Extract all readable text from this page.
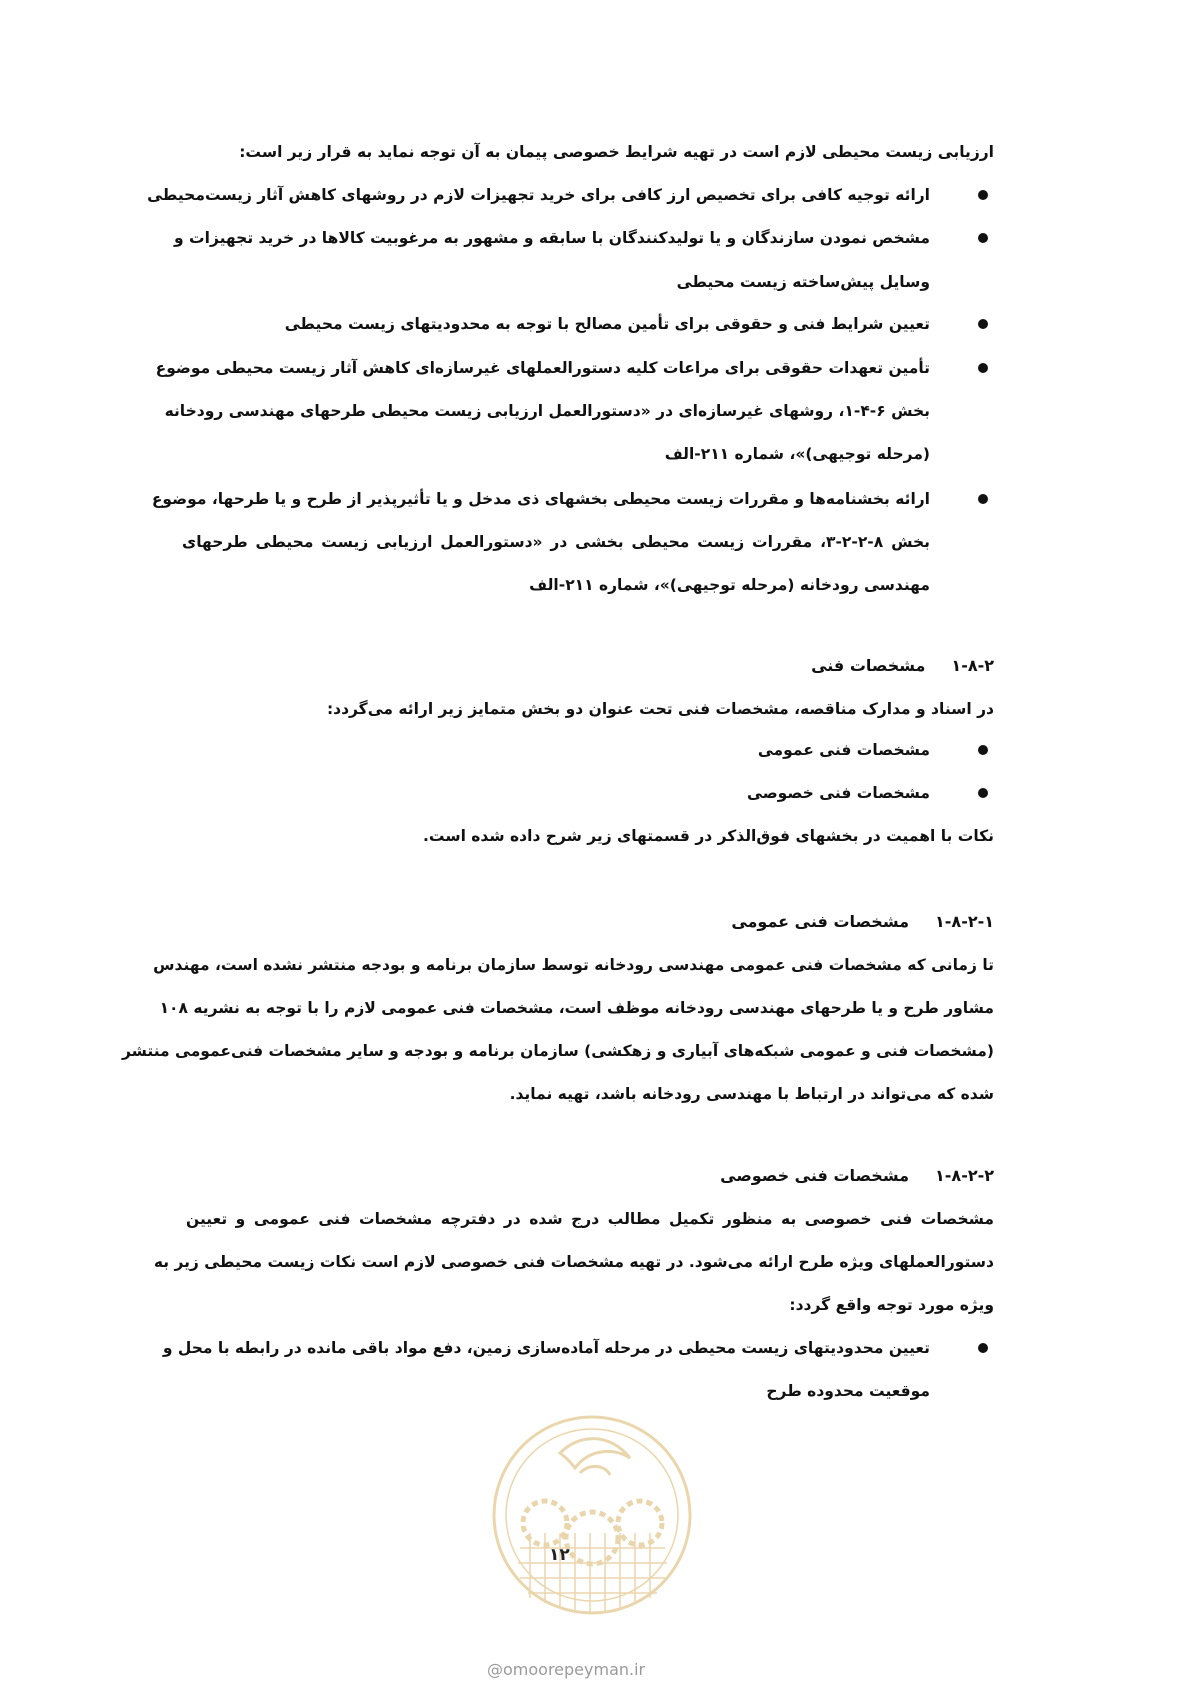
ارزیابی زیست محیطی لازم است در تهیه شرایط خصوصی پیمان به آن توجه نماید به قرار زیر است:
ارائه توجیه کافی برای تخصیص ارز کافی برای خرید تجهیزات لازم در روشهای کاهش آثار زیست‌محیطی
مشخص نمودن سازندگان و یا تولیدکنندگان با سابقه و مشهور به مرغوبیت کالاها در خرید تجهیزات و
وسایل پیش‌ساخته زیست محیطی
تعیین شرایط فنی و حقوقی برای تأمین مصالح با توجه به محدودیتهای زیست محیطی
تأمین تعهدات حقوقی برای مراعات کلیه دستورالعملهای غیرسازه‌ای کاهش آثار زیست محیطی موضوع
بخش ۶-۴-۱، روشهای غیرسازه‌ای در «دستورالعمل ارزیابی زیست محیطی طرحهای مهندسی رودخانه
(مرحله توجیهی)»، شماره ۲۱۱-الف
ارائه بخشنامه‌ها و مقررات زیست محیطی بخشهای ذی مدخل و یا تأثیرپذیر از طرح و یا طرحها، موضوع
بخش ۸-۲-۲-۳، مقررات زیست محیطی بخشی در «دستورالعمل ارزیابی زیست محیطی طرحهای
مهندسی رودخانه (مرحله توجیهی)»، شماره ۲۱۱-الف
۱-۸-۲مشخصات فنی
در اسناد و مدارک مناقصه، مشخصات فنی تحت عنوان دو بخش متمایز زیر ارائه می‌گردد:
مشخصات فنی عمومی
مشخصات فنی خصوصی
نکات با اهمیت در بخشهای فوق‌الذکر در قسمتهای زیر شرح داده شده است.
۱-۸-۲-۱مشخصات فنی عمومی
تا زمانی که مشخصات فنی عمومی مهندسی رودخانه توسط سازمان برنامه و بودجه منتشر نشده است، مهندس
مشاور طرح و یا طرحهای مهندسی رودخانه موظف است، مشخصات فنی عمومی لازم را با توجه به نشریه ۱۰۸
(مشخصات فنی و عمومی شبکه‌های آبیاری و زهکشی) سازمان برنامه و بودجه و سایر مشخصات فنی‌عمومی منتشر
شده که می‌تواند در ارتباط با مهندسی رودخانه باشد، تهیه نماید.
۱-۸-۲-۲مشخصات فنی خصوصی
مشخصات فنی خصوصی به منظور تکمیل مطالب درج شده در دفترچه مشخصات فنی عمومی و تعیین
دستورالعملهای ویژه طرح ارائه می‌شود. در تهیه مشخصات فنی خصوصی لازم است نکات زیست محیطی زیر به
ویژه مورد توجه واقع گردد:
تعیین محدودیتهای زیست محیطی در مرحله آماده‌سازی زمین، دفع مواد باقی مانده در رابطه با محل و
موقعیت محدوده طرح
۱۲
@omoorepeyman.ir
